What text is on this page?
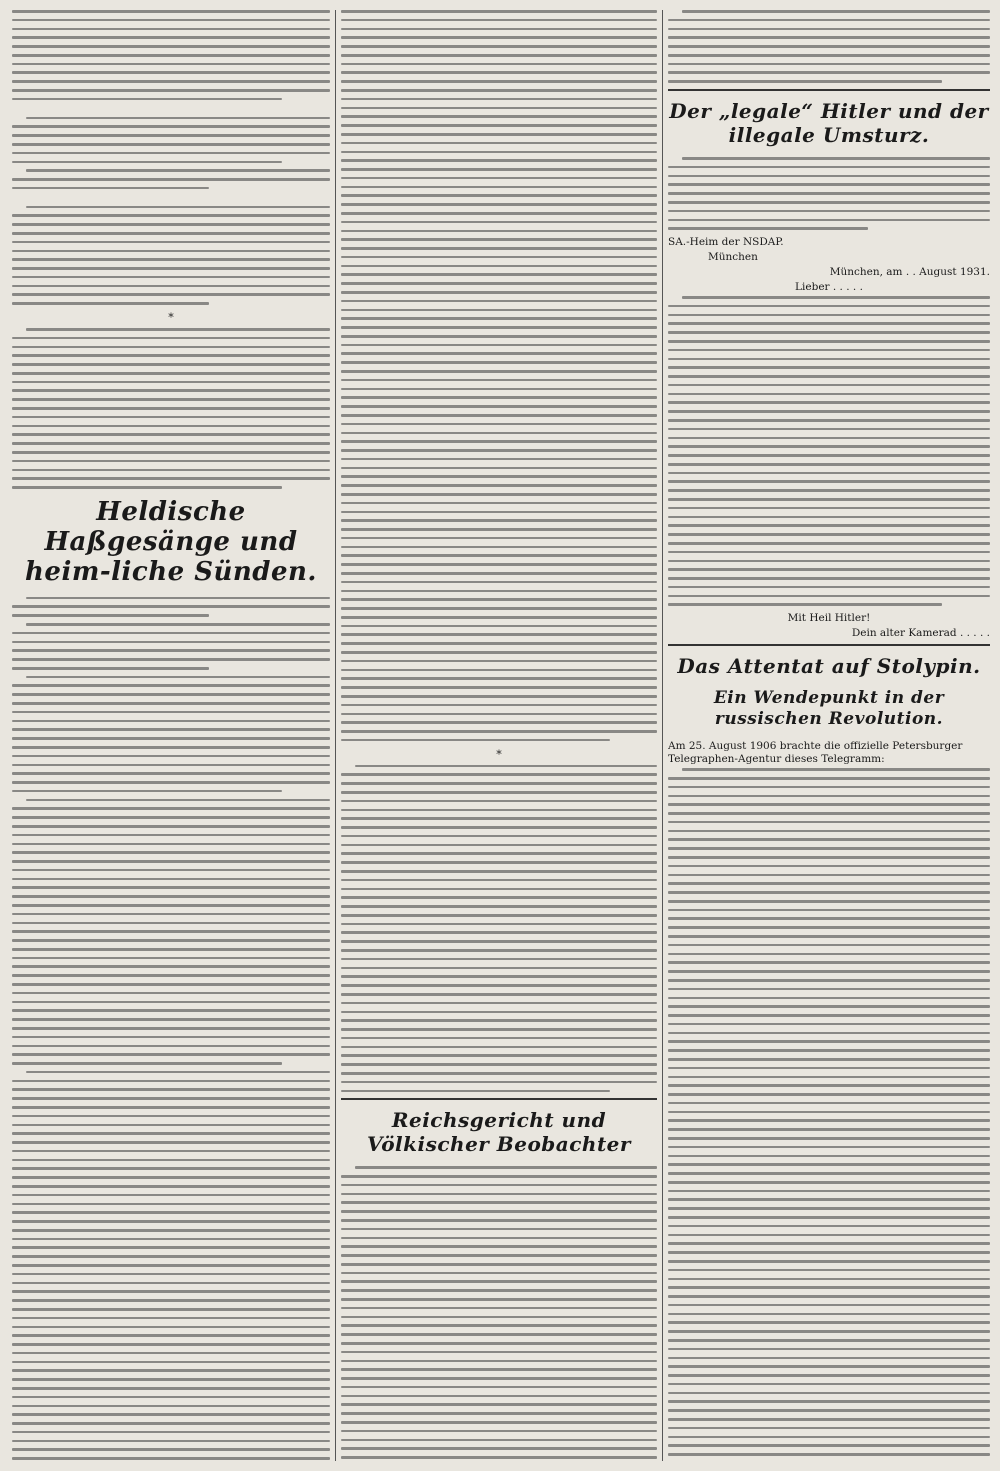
*
Heldische Haßgesänge und heim-liche Sünden.
*
Reichsgericht und Völkischer Beobachter
Der „legale“ Hitler und der illegale Umsturz.
SA.-Heim der NSDAP.
München
München, am . . August 1931.
Lieber . . . . .
Mit Heil Hitler!
Dein alter Kamerad . . . . .
Das Attentat auf Stolypin.
Ein Wendepunkt in der russischen Revolution.
Am 25. August 1906 brachte die offizielle Petersburger Telegraphen-Agentur dieses Telegramm:
